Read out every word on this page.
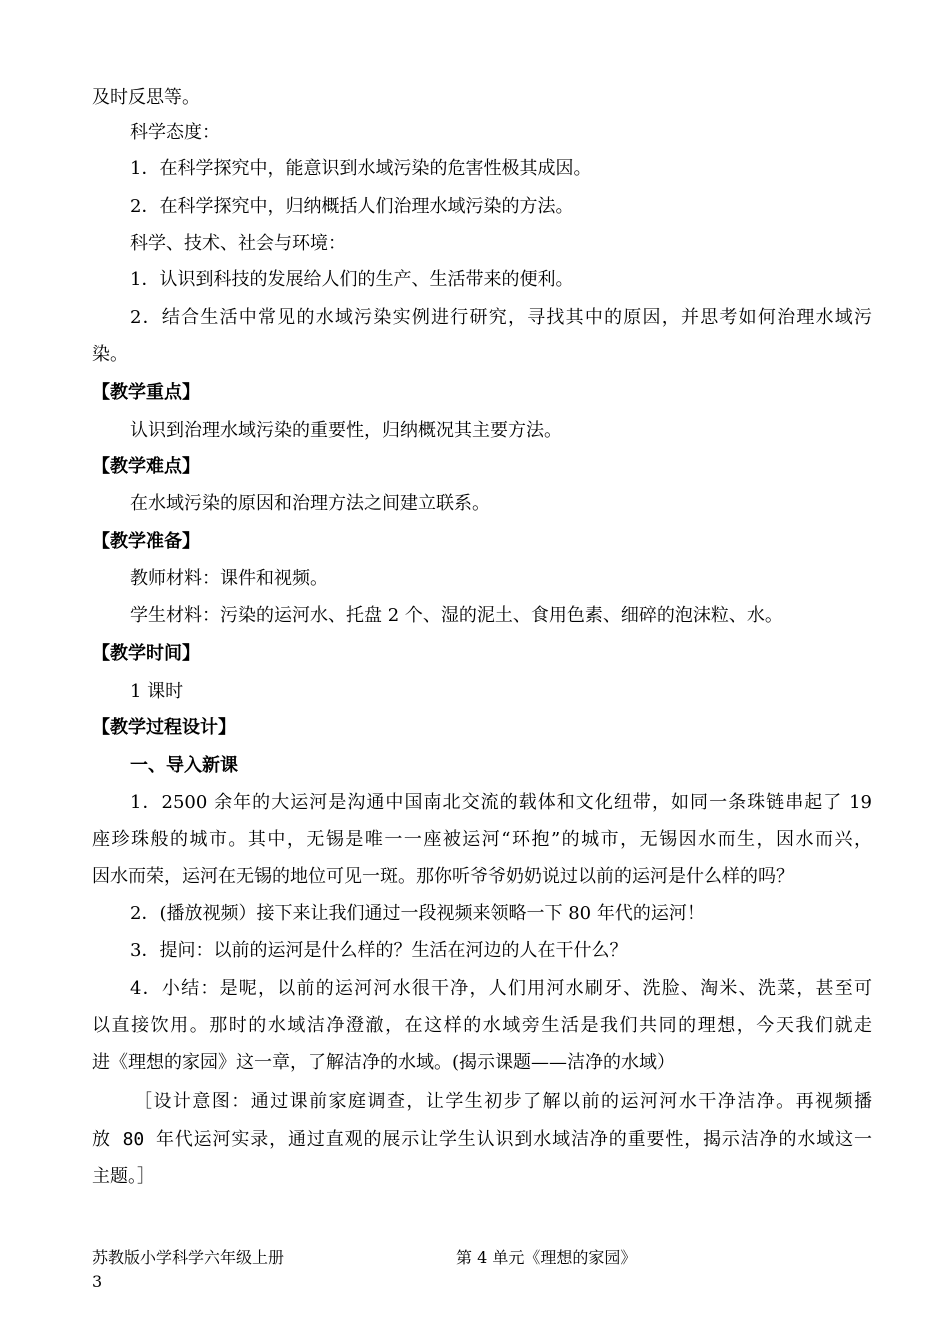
及时反思等。
科学态度：
1．在科学探究中，能意识到水域污染的危害性极其成因。
2．在科学探究中，归纳概括人们治理水域污染的方法。
科学、技术、社会与环境：
1．认识到科技的发展给人们的生产、生活带来的便利。
2．结合生活中常见的水域污染实例进行研究，寻找其中的原因，并思考如何治理水域污
染。
【教学重点】
认识到治理水域污染的重要性，归纳概况其主要方法。
【教学难点】
在水域污染的原因和治理方法之间建立联系。
【教学准备】
教师材料：课件和视频。
学生材料：污染的运河水、托盘 2 个、湿的泥土、食用色素、细碎的泡沫粒、水。
【教学时间】
1 课时
【教学过程设计】
一、导入新课
1．2500 余年的大运河是沟通中国南北交流的载体和文化纽带，如同一条珠链串起了 19
座珍珠般的城市。其中，无锡是唯一一座被运河“环抱”的城市，无锡因水而生，因水而兴，
因水而荣，运河在无锡的地位可见一斑。那你听爷爷奶奶说过以前的运河是什么样的吗？
2．(播放视频）接下来让我们通过一段视频来领略一下 80 年代的运河！
3．提问：以前的运河是什么样的？生活在河边的人在干什么？
4．小结：是呢，以前的运河河水很干净，人们用河水刷牙、洗脸、淘米、洗菜，甚至可
以直接饮用。那时的水域洁净澄澈，在这样的水域旁生活是我们共同的理想，今天我们就走
进《理想的家园》这一章，了解洁净的水域。(揭示课题——洁净的水域）
［设计意图：通过课前家庭调查，让学生初步了解以前的运河河水干净洁净。再视频播
放 80 年代运河实录，通过直观的展示让学生认识到水域洁净的重要性，揭示洁净的水域这一
主题。］
苏教版小学科学六年级上册	第 4 单元《理想的家园》
3
